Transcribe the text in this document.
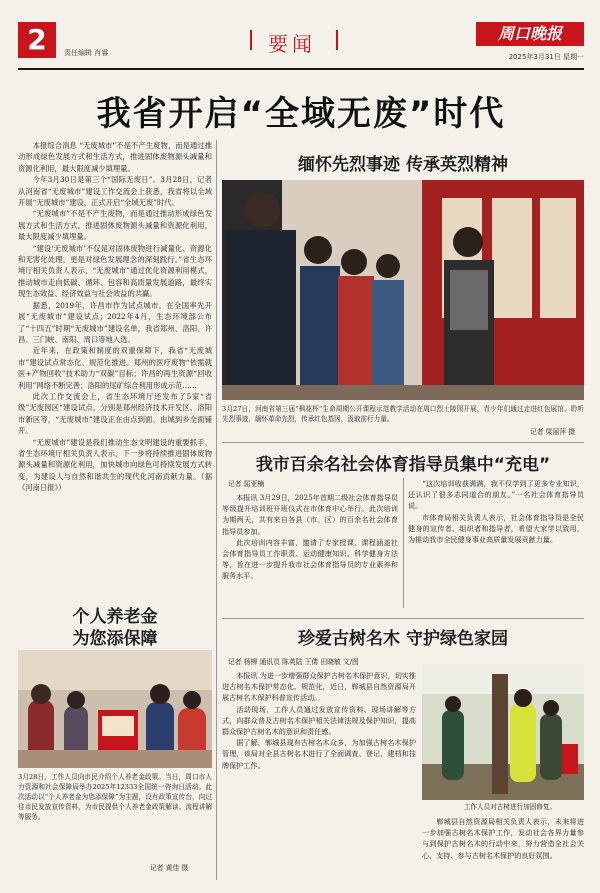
2	责任编辑 肖睿	要闻	周口晚报
2025年3月31日 星期一
我省开启“全域无废”时代

本报综合消息 “无废城市”不是不产生废物，而是通过推动形成绿色发展方式和生活方式，推进固体废物源头减量和资源化利用，最大限度减少填埋量。

今年3月30日是第三个“国际无废日”。3月28日，记者从河南省“无废城市”建设工作交流会上获悉，我省将以全域开展“无废城市”建设，正式开启“全域无废”时代。

“无废城市”不是不产生废物，而是通过推动形成绿色发展方式和生活方式，推进固体废物源头减量和资源化利用，最大限度减少填埋量。

“建设‘无废城市’不仅是对固体废物进行减量化、资源化和无害化处理，更是对绿色发展理念的深刻践行。”省生态环境厅相关负责人表示，“无废城市”通过优化资源利用模式，推动城市走向低碳、循环、包容和高质量发展道路，最终实现生态效益、经济效益与社会效益的共赢。

据悉，2019年，许昌市作为试点城市，在全国率先开展“无废城市”建设试点；2022年4月，生态环境部公布了“十四五”时期“无废城市”建设名单，我省郑州、洛阳、许昌、三门峡、南阳、周口等地入选。

近年来，在政策和制度的双重保障下，我省“无废城市”建设试点常态化、规范化推进。郑州的医疗废物“依需就医+产物回收”技术助力“双碳”目标；许昌的再生资源“回收利用”网络不断完善；洛阳的尾矿综合利用形成示范……

此次工作交流会上，省生态环境厅还发布了5家“省级”无废园区“建设试点，分别是郑州经济技术开发区、洛阳市新区等，“无废城市”建设正在由点到面、由城到乡全面铺开。

“无废城市”建设是我们推动生态文明建设的重要抓手，省生态环境厅相关负责人表示，下一步将持续推进固体废物源头减量和资源化利用，加快城市向绿色可持续发展方式转变，为建设人与自然和谐共生的现代化河南贡献力量。（据《河南日报》）

个人养老金
为您添保障
3月28日，工作人员向市民介绍个人养老金政策。当日，周口市人力资源和社会保障局举办2025年12333全国统一咨询日活动。此次活动以“个人养老金为您添保障”为主题，设有政策宣传台，向过往市民发放宣传资料，为市民提供个人养老金政策解读、流程讲解等服务。
记者 黄佳 摄
缅怀先烈事迹 传承英烈精神
3月27日，河南省第三届“枫花杯”生命周期公开课程示范教学活动在周口烈士陵园开展，青少年们通过走进红色展馆、聆听先烈事迹，缅怀革命先烈，传承红色基因，汲取前行力量。
记者 梁丽萍 摄
我市百余名社会体育指导员集中“充电”
记者 屈亚楠

本报讯 3月29日，2025年首期二级社会体育指导员等级提升培训班开班仪式在市体育中心举行。此次培训为期两天，共有来自各县（市、区）的百余名社会体育指导员参加。

此次培训内容丰富，邀请了专家授课，课程涵盖社会体育指导员工作职责、运动健康知识、科学健身方法等，旨在进一步提升我市社会体育指导员的专业素养和服务水平。

“这次培训收获满满，我不仅学到了更多专业知识，还认识了很多志同道合的朋友。”一名社会体育指导员说。

市体育局相关负责人表示，社会体育指导员是全民健身的宣传者、组织者和指导者，希望大家学以致用，为推动我市全民健身事业高质量发展贡献力量。

珍爱古树名木 守护绿色家园
记者 杨柳 通讯员 陈英陆 王倩 田晓敏 文/图

本报讯 为进一步增强群众保护古树名木保护意识，切实推进古树名木保护常态化、规范化，近日，郸城县自然资源局开展古树名木保护科普宣传活动。

活动现场，工作人员通过发放宣传资料、现场讲解等方式，向群众普及古树名木保护相关法律法规及保护知识，提高群众保护古树名木的意识和责任感。

据了解，郸城县现有古树名木众多，为加强古树名木保护管理，该局对全县古树名木进行了全面调查、登记、建档和挂牌保护工作。

工作人员对古树进行加固修复。

郸城县自然资源局相关负责人表示，未来将进一步加强古树名木保护工作，发动社会各界力量参与到保护古树名木的行动中来，努力营造全社会关心、支持、参与古树名木保护的良好氛围。
